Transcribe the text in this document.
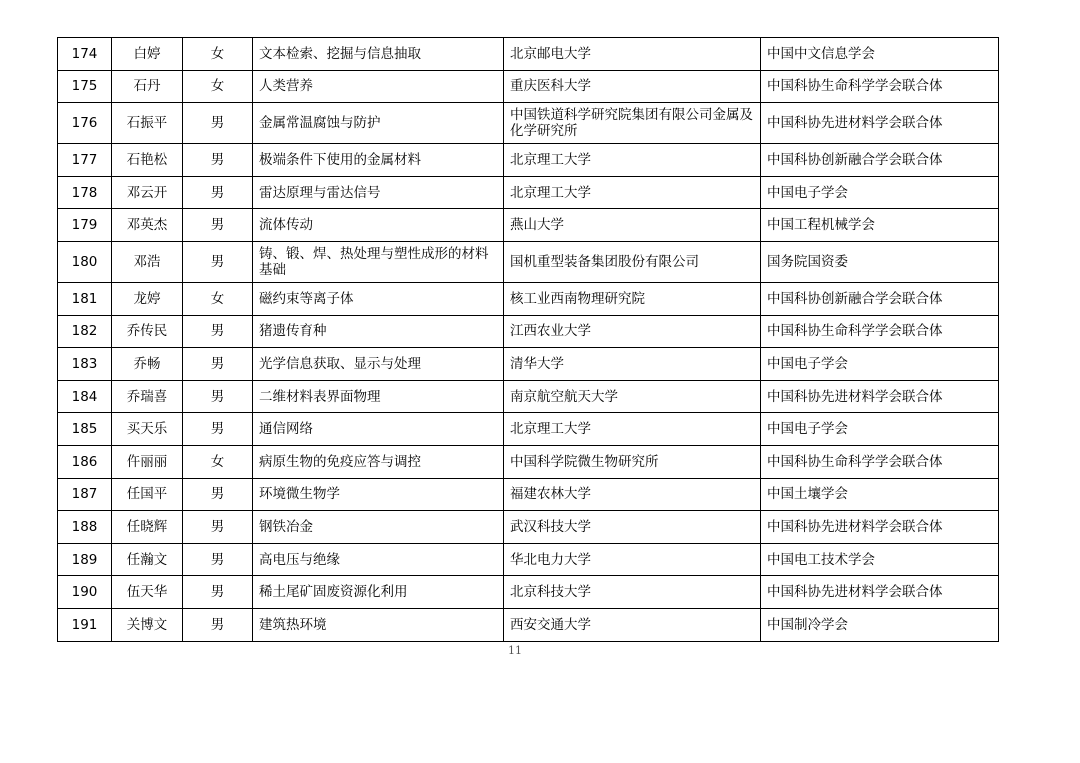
174	白婷	女	文本检索、挖掘与信息抽取	北京邮电大学	中国中文信息学会
175	石丹	女	人类营养	重庆医科大学	中国科协生命科学学会联合体
176	石振平	男	金属常温腐蚀与防护	中国铁道科学研究院集团有限公司金属及化学研究所	中国科协先进材料学会联合体
177	石艳松	男	极端条件下使用的金属材料	北京理工大学	中国科协创新融合学会联合体
178	邓云开	男	雷达原理与雷达信号	北京理工大学	中国电子学会
179	邓英杰	男	流体传动	燕山大学	中国工程机械学会
180	邓浩	男	铸、锻、焊、热处理与塑性成形的材料基础	国机重型装备集团股份有限公司	国务院国资委
181	龙婷	女	磁约束等离子体	核工业西南物理研究院	中国科协创新融合学会联合体
182	乔传民	男	猪遗传育种	江西农业大学	中国科协生命科学学会联合体
183	乔畅	男	光学信息获取、显示与处理	清华大学	中国电子学会
184	乔瑞喜	男	二维材料表界面物理	南京航空航天大学	中国科协先进材料学会联合体
185	买天乐	男	通信网络	北京理工大学	中国电子学会
186	仵丽丽	女	病原生物的免疫应答与调控	中国科学院微生物研究所	中国科协生命科学学会联合体
187	任国平	男	环境微生物学	福建农林大学	中国土壤学会
188	任晓辉	男	钢铁冶金	武汉科技大学	中国科协先进材料学会联合体
189	任瀚文	男	高电压与绝缘	华北电力大学	中国电工技术学会
190	伍天华	男	稀土尾矿固废资源化利用	北京科技大学	中国科协先进材料学会联合体
191	关博文	男	建筑热环境	西安交通大学	中国制冷学会
11
